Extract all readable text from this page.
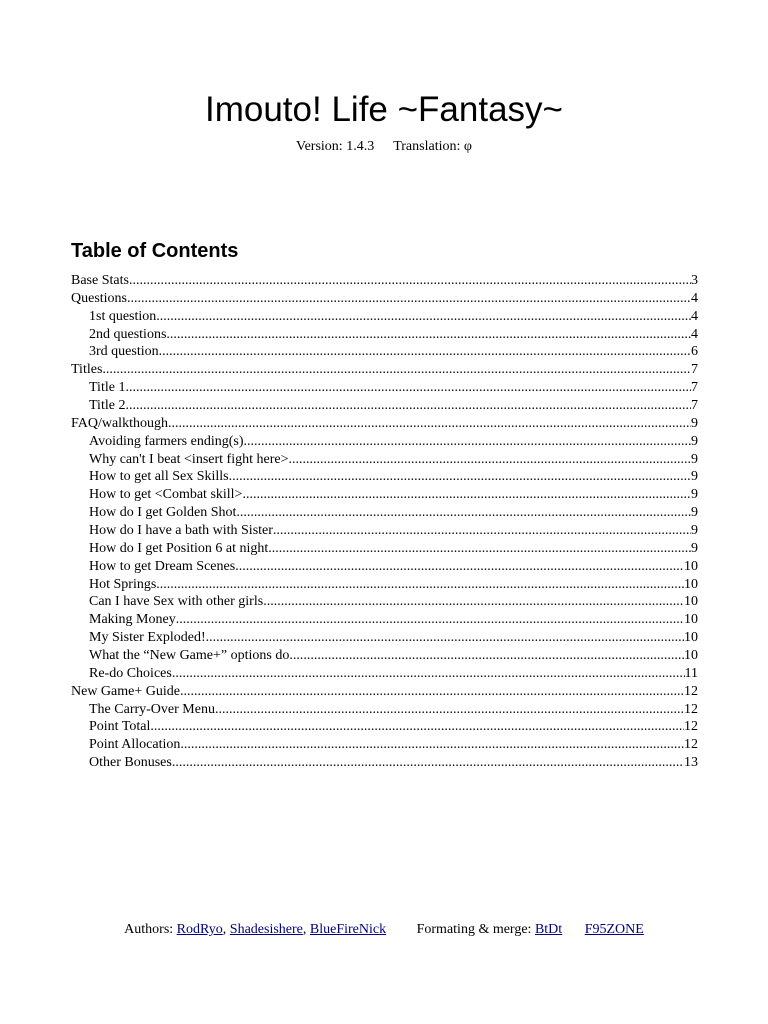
Imouto! Life ~Fantasy~
Version: 1.4.3 Translation: φ
Table of Contents
Base Stats .....	3
Questions .....	4
1st question .....	4
2nd questions .....	4
3rd question .....	6
Titles .....	7
Title 1 .....	7
Title 2 .....	7
FAQ/walkthough .....	9
Avoiding farmers ending(s) .....	9
Why can't I beat <insert fight here> .....	9
How to get all Sex Skills .....	9
How to get <Combat skill> .....	9
How do I get Golden Shot .....	9
How do I have a bath with Sister .....	9
How do I get Position 6 at night .....	9
How to get Dream Scenes .....	10
Hot Springs .....	10
Can I have Sex with other girls .....	10
Making Money .....	10
My Sister Exploded! .....	10
What the “New Game+” options do .....	10
Re-do Choices .....	11
New Game+ Guide .....	12
The Carry-Over Menu .....	12
Point Total .....	12
Point Allocation .....	12
Other Bonuses .....	13
Authors: RodRyo, Shadesishere, BlueFireNick Formating & merge: BtDt F95ZONE
